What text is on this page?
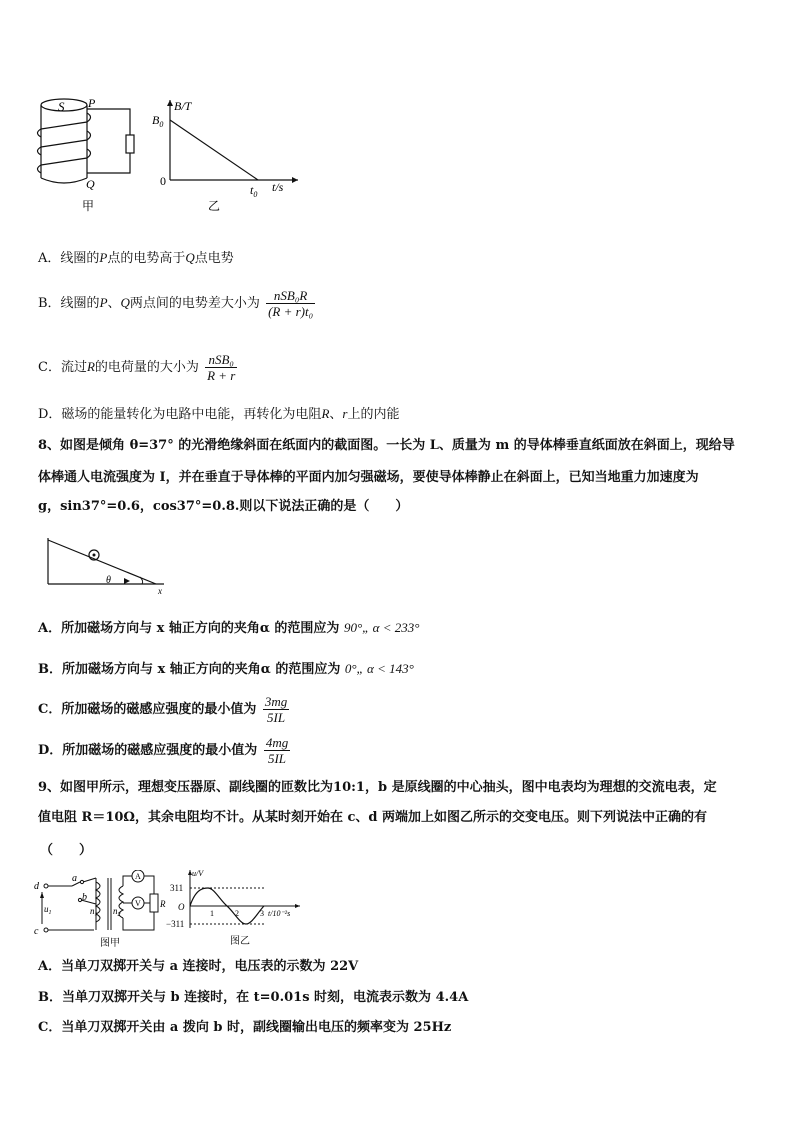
S P
Q
甲
B/T
$B_0$
0
$t_0$
t/s
乙
A．线圈的P点的电势高于Q点电势
B．线圈的P、Q两点间的电势差大小为 $\frac{\text{nSB₀R}}{\text{(R + r)t₀}}$
C．流过R的电荷量的大小为 $\frac{\text{nSB₀}}{R + r}$
D．磁场的能量转化为电路中电能，再转化为电阻R、r上的内能
8、如图是倾角 θ=37° 的光滑绝缘斜面在纸面内的截面图。一长为 L、质量为 m 的导体棒垂直纸面放在斜面上，现给导
体棒通人电流强度为 I，并在垂直于导体棒的平面内加匀强磁场，要使导体棒静止在斜面上，已知当地重力加速度为
g，sin37°=0.6，cos37°=0.8.则以下说法正确的是（　　）
θ
x
A．所加磁场方向与 x 轴正方向的夹角α 的范围应为 90°„ α < 233°
B．所加磁场方向与 x 轴正方向的夹角α 的范围应为 0°„ α < 143°
C．所加磁场的磁感应强度的最小值为 $\frac{3mg}{5IL}$
D．所加磁场的磁感应强度的最小值为 $\frac{4mg}{5IL}$
9、如图甲所示，理想变压器原、副线圈的匝数比为10:1，b 是原线圈的中心抽头，图中电表均为理想的交流电表，定
值电阻 R＝10Ω，其余电阻均不计。从某时刻开始在 c、d 两端加上如图乙所示的交变电压。则下列说法中正确的有
（　　）
d
c
a
b
$u_1$	$n_1$ $n_2$
A
V R
图甲
u/V
311
O
−311
1	2	3 t/10⁻²s
图乙
A．当单刀双掷开关与 a 连接时，电压表的示数为 22V
B．当单刀双掷开关与 b 连接时，在 t=0.01s 时刻，电流表示数为 4.4A
C．当单刀双掷开关由 a 拨向 b 时，副线圈输出电压的频率变为 25Hz
